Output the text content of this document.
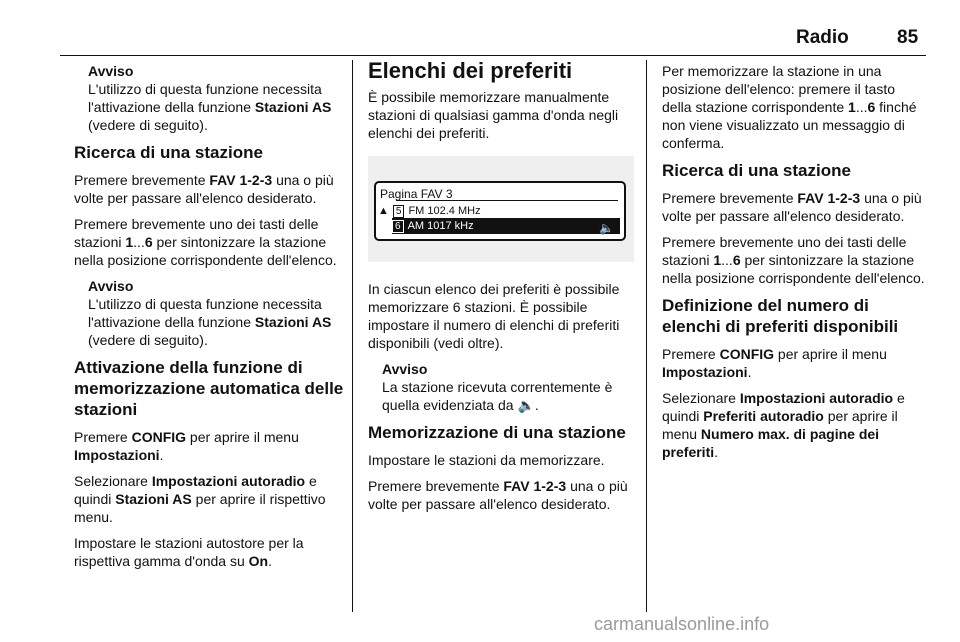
Radio	85
Avviso
L'utilizzo di questa funzione necessita l'attivazione della funzione Stazioni AS (vedere di seguito).
Ricerca di una stazione

Premere brevemente FAV 1-2-3 una o più volte per passare all'elenco desiderato.

Premere brevemente uno dei tasti delle stazioni 1...6 per sintonizzare la stazione nella posizione corrispondente dell'elenco.

Avviso
L'utilizzo di questa funzione necessita l'attivazione della funzione Stazioni AS (vedere di seguito).
Attivazione della funzione di memorizzazione automatica delle stazioni

Premere CONFIG per aprire il menu Impostazioni.

Selezionare Impostazioni autoradio e quindi Stazioni AS per aprire il rispettivo menu.

Impostare le stazioni autostore per la rispettiva gamma d'onda su On.

Elenchi dei preferiti

È possibile memorizzare manualmente stazioni di qualsiasi gamma d'onda negli elenchi dei preferiti.

Pagina FAV 3
▲ 5 FM 102.4 MHz
6 AM 1017 kHz	🔈

In ciascun elenco dei preferiti è possibile memorizzare 6 stazioni. È possibile impostare il numero di elenchi di preferiti disponibili (vedi oltre).

Avviso
La stazione ricevuta correntemente è quella evidenziata da 🔈.
Memorizzazione di una stazione

Impostare le stazioni da memorizzare.

Premere brevemente FAV 1-2-3 una o più volte per passare all'elenco desiderato.

Per memorizzare la stazione in una posizione dell'elenco: premere il tasto della stazione corrispondente 1...6 finché non viene visualizzato un messaggio di conferma.

Ricerca di una stazione

Premere brevemente FAV 1-2-3 una o più volte per passare all'elenco desiderato.

Premere brevemente uno dei tasti delle stazioni 1...6 per sintonizzare la stazione nella posizione corrispondente dell'elenco.

Definizione del numero di elenchi di preferiti disponibili

Premere CONFIG per aprire il menu Impostazioni.

Selezionare Impostazioni autoradio e quindi Preferiti autoradio per aprire il menu Numero max. di pagine dei preferiti.

carmanualsonline.info
